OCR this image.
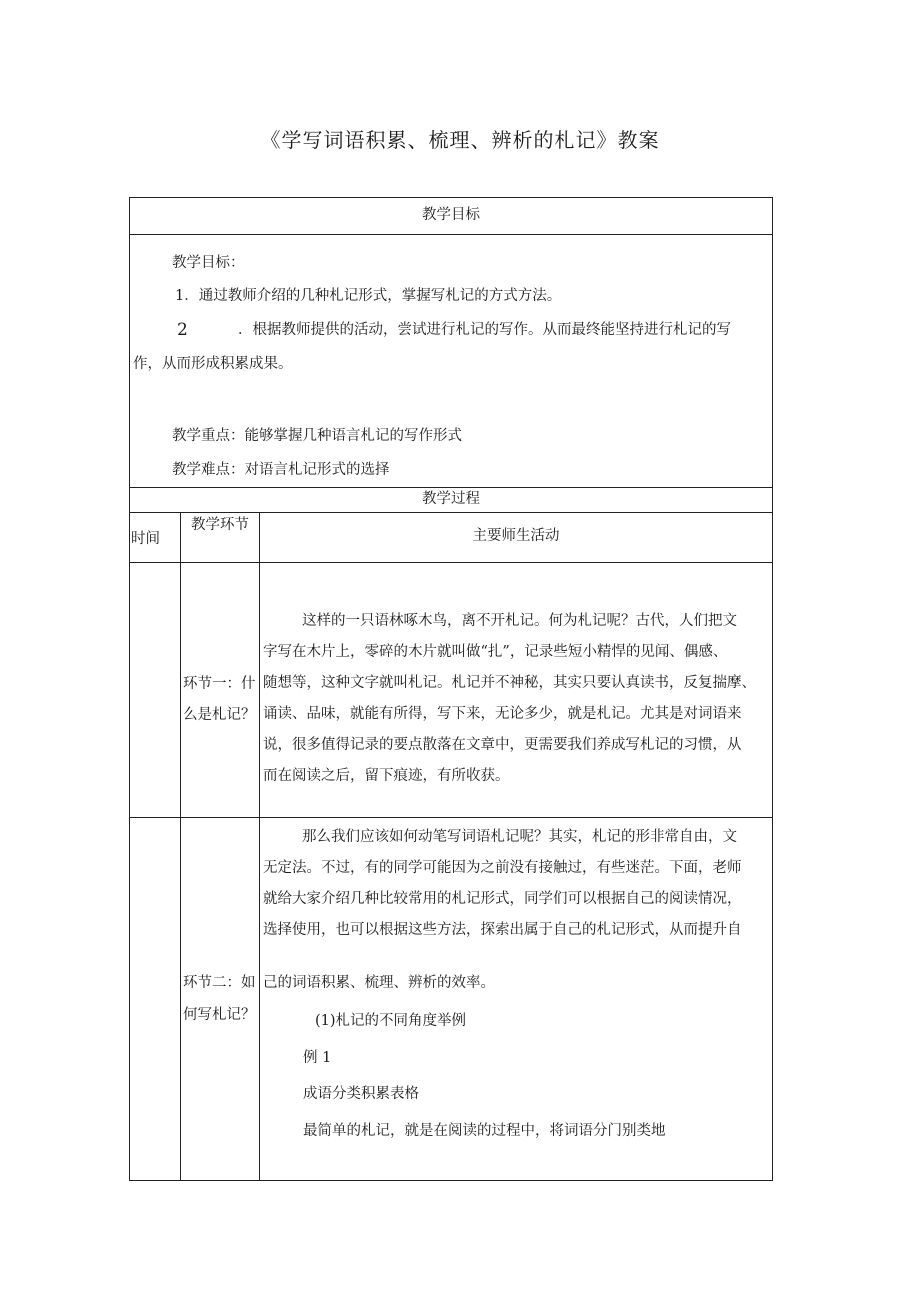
《学写词语积累、梳理、辨析的札记》教案
教学目标
教学目标：
1．通过教师介绍的几种札记形式，掌握写札记的方式方法。
2	．根据教师提供的活动，尝试进行札记的写作。从而最终能坚持进行札记的写
作，从而形成积累成果。
教学重点：能够掌握几种语言札记的写作形式
教学难点：对语言札记形式的选择
教学过程
时间
教学环节
主要师生活动
环节一：什
么是札记？
这样的一只语林啄木鸟，离不开札记。何为札记呢？古代，人们把文
字写在木片上，零碎的木片就叫做“扎”，记录些短小精悍的见闻、偶感、
随想等，这种文字就叫札记。札记并不神秘，其实只要认真读书，反复揣摩、
诵读、品味，就能有所得，写下来，无论多少，就是札记。尤其是对词语来
说，很多值得记录的要点散落在文章中，更需要我们养成写札记的习惯，从
而在阅读之后，留下痕迹，有所收获。
环节二：如
何写札记？
那么我们应该如何动笔写词语札记呢？其实，札记的形非常自由，文
无定法。不过，有的同学可能因为之前没有接触过，有些迷茫。下面，老师
就给大家介绍几种比较常用的札记形式，同学们可以根据自己的阅读情况，
选择使用，也可以根据这些方法，探索出属于自己的札记形式，从而提升自
己的词语积累、梳理、辨析的效率。
(1)札记的不同角度举例
例 1
成语分类积累表格
最简单的札记，就是在阅读的过程中，将词语分门别类地
